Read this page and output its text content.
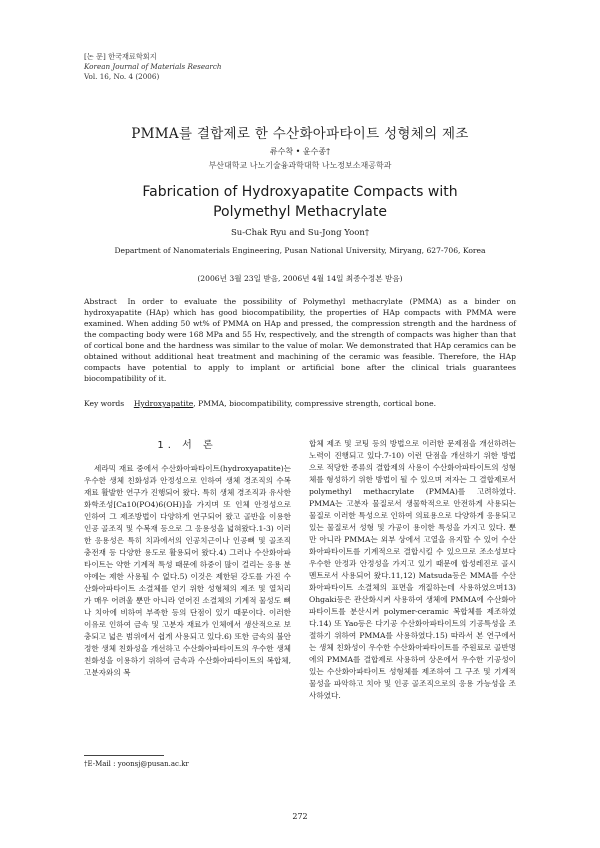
[논 문] 한국재료학회지
Korean Journal of Materials Research
Vol. 16, No. 4 (2006)
PMMA를 결합제로 한 수산화아파타이트 성형체의 제조
류수착 • 윤수종†
부산대학교 나노기술융과학대학 나노정보소재공학과
Fabrication of Hydroxyapatite Compacts with
Polymethyl Methacrylate
Su-Chak Ryu and Su-Jong Yoon†
Department of Nanomaterials Engineering, Pusan National University, Miryang, 627-706, Korea
(2006년 3월 23일 받음, 2006년 4월 14일 최종수정본 받음)
Abstract In order to evaluate the possibility of Polymethyl methacrylate (PMMA) as a binder on hydroxyapatite (HAp) which has good biocompatibility, the properties of HAp compacts with PMMA were examined. When adding 50 wt% of PMMA on HAp and pressed, the compression strength and the hardness of the compacting body were 168 MPa and 55 Hv, respectively, and the strength of compacts was higher than that of cortical bone and the hardness was similar to the value of molar. We demonstrated that HAp ceramics can be obtained without additional heat treatment and machining of the ceramic was feasible. Therefore, the HAp compacts have potential to apply to implant or artificial bone after the clinical trials guarantees biocompatibility of it.
Key words Hydroxyapatite, PMMA, biocompatibility, compressive strength, cortical bone.
1. 서 론

세라믹 재료 중에서 수산화아파타이트(hydroxyapatite)는 우수한 생체 친화성과 안정성으로 인하여 생체 경조직의 수복재료 활발한 연구가 진행되어 왔다. 특히 생체 경조직과 유사한 화학조성[Ca10(PO4)6(OH)]을 가지며 또 인체 안정성으로 인하여 그 제조방법이 다양하게 연구되어 왔고 골반을 이용한 인공 골조직 및 수복재 등으로 그 응용성을 넓혀왔다.1-3) 이러한 응용성은 특히 치과에서의 인공치근이나 인공뼈 및 골조직 충전재 등 다양한 용도로 활용되어 왔다.4) 그러나 수산화아파타이트는 약한 기계적 특성 때문에 하중이 많이 걸리는 응용 분야에는 제한 사용될 수 없다.5) 이것은 제한된 강도를 가진 수산화아파타이트 소결체를 얻기 위한 성형체의 제조 및 열처리가 매우 어려울 뿐만 아니라 얻어진 소결체의 기계적 물성도 뼈나 치아에 비하여 부족한 등의 단점이 있기 때문이다. 이러한 이유로 인하여 금속 및 고분자 재료가 인체에서 생산적으로 보충되고 넓은 범위에서 쉽게 사용되고 있다.6) 또한 금속의 불안정한 생체 친화성을 개선하고 수산화아파타이트의 우수한 생체 친화성을 이용하기 위하여 금속과 수산화아파타이트의 복합체, 고분자와의 복

합체 제조 및 코팅 등의 방법으로 이러한 문제점을 개선하려는 노력이 진행되고 있다.7-10) 이런 단점을 개선하기 위한 방법으로 적당한 종류의 결합제의 사용이 수산화아파타이트의 성형체를 형성하기 위한 방법이 될 수 있으며 저자는 그 결합제로서 polymethyl methacrylate (PMMA)를 고려하였다. PMMA는 고분자 물질로서 생물학적으로 안전하게 사용되는 물질로 이러한 특성으로 인하여 의료용으로 다양하게 응용되고 있는 물질로서 성형 및 가공이 용이한 특성을 가지고 있다. 뿐만 아니라 PMMA는 외부 상에서 고열을 유지할 수 있어 수산화아파타이트를 기계적으로 결합시킬 수 있으므로 조소성보다 우수한 안정과 안정성을 가지고 있기 때문에 합성레진로 골시멘트로서 사용되어 왔다.11,12) Matsuda등은 MMA를 수산화아파타이트 소결체의 표면을 개질하는데 사용하였으며13) Ohgaki등은 관산화시켜 사용하여 생체에 PMMA에 수산화아파타이트를 분산시켜 polymer-ceramic 복합체를 제조하였다.14) 또 Yao등은 다기공 수산화아파타이트의 기공특성을 조절하기 위하여 PMMA를 사용하였다.15) 따라서 본 연구에서는 생체 친화성이 우수한 수산화아파타이트를 주원료로 골반명에의 PMMA를 결합제로 사용하여 상온에서 우수한 기공성이 있는 수산화아파타이트 성형체를 제조하여 그 구조 및 기계적 물성을 파악하고 치아 및 인공 골조직으로의 응용 가능성을 조사하였다.

†E-Mail : yoonsj@pusan.ac.kr
272
